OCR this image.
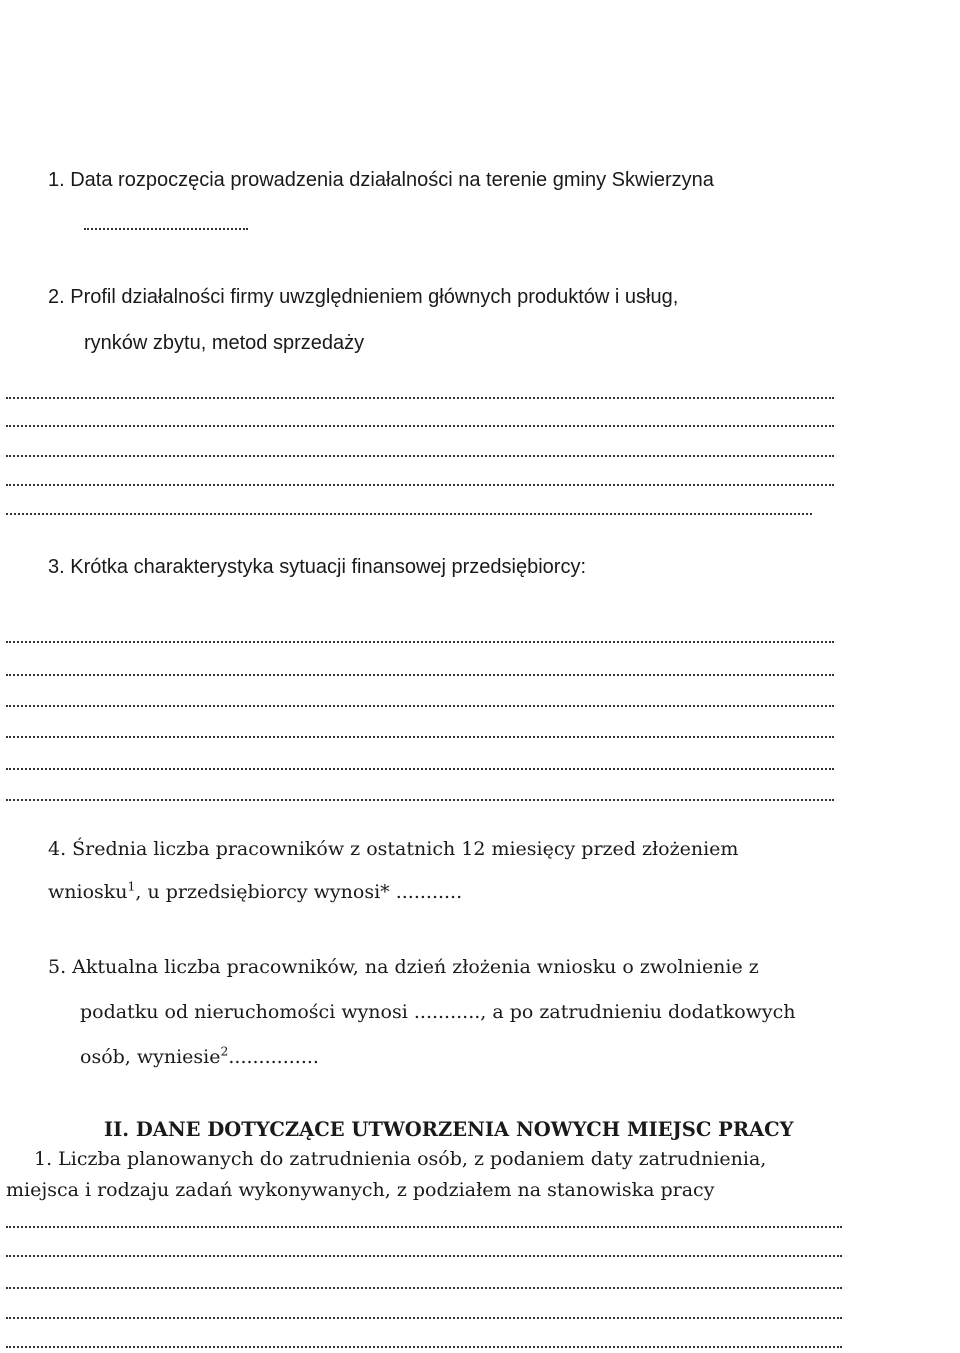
1. Data rozpoczęcia prowadzenia działalności na terenie gminy Skwierzyna
2. Profil działalności firmy uwzględnieniem głównych produktów i usług,
rynków zbytu, metod sprzedaży
3. Krótka charakterystyka sytuacji finansowej przedsiębiorcy:
4. Średnia liczba pracowników z ostatnich 12 miesięcy przed złożeniem
wniosku$^1$, u przedsiębiorcy wynosi* ...........
5. Aktualna liczba pracowników, na dzień złożenia wniosku o zwolnienie z
podatku od nieruchomości wynosi ..........., a po zatrudnieniu dodatkowych
osób, wyniesie$^2$...............
II. DANE DOTYCZĄCE UTWORZENIA NOWYCH MIEJSC PRACY
1. Liczba planowanych do zatrudnienia osób, z podaniem daty zatrudnienia,
miejsca i rodzaju zadań wykonywanych, z podziałem na stanowiska pracy
